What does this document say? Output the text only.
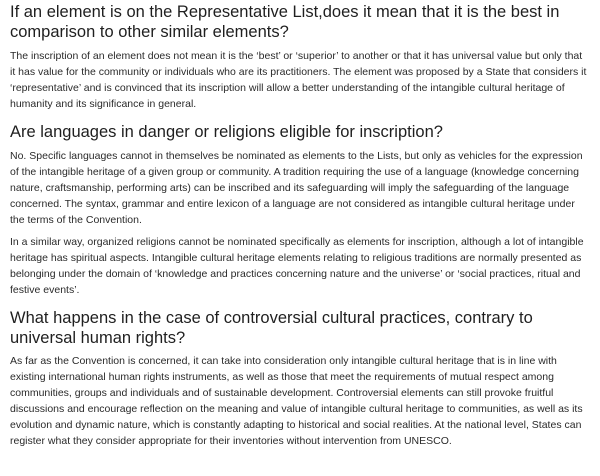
If an element is on the Representative List,does it mean that it is the best in comparison to other similar elements?

The inscription of an element does not mean it is the ‘best’ or ‘superior’ to another or that it has universal value but only that it has value for the community or individuals who are its practitioners. The element was proposed by a State that considers it ‘representative’ and is convinced that its inscription will allow a better understanding of the intangible cultural heritage of humanity and its significance in general.

Are languages in danger or religions eligible for inscription?

No. Specific languages cannot in themselves be nominated as elements to the Lists, but only as vehicles for the expression of the intangible heritage of a given group or community. A tradition requiring the use of a language (knowledge concerning nature, craftsmanship, performing arts) can be inscribed and its safeguarding will imply the safeguarding of the language concerned. The syntax, grammar and entire lexicon of a language are not considered as intangible cultural heritage under the terms of the Convention.

In a similar way, organized religions cannot be nominated specifically as elements for inscription, although a lot of intangible heritage has spiritual aspects. Intangible cultural heritage elements relating to religious traditions are normally presented as belonging under the domain of ‘knowledge and practices concerning nature and the universe’ or ‘social practices, ritual and festive events’.

What happens in the case of controversial cultural practices, contrary to universal human rights?

As far as the Convention is concerned, it can take into consideration only intangible cultural heritage that is in line with existing international human rights instruments, as well as those that meet the requirements of mutual respect among communities, groups and individuals and of sustainable development. Controversial elements can still provoke fruitful discussions and encourage reflection on the meaning and value of intangible cultural heritage to communities, as well as its evolution and dynamic nature, which is constantly adapting to historical and social realities. At the national level, States can register what they consider appropriate for their inventories without intervention from UNESCO.
